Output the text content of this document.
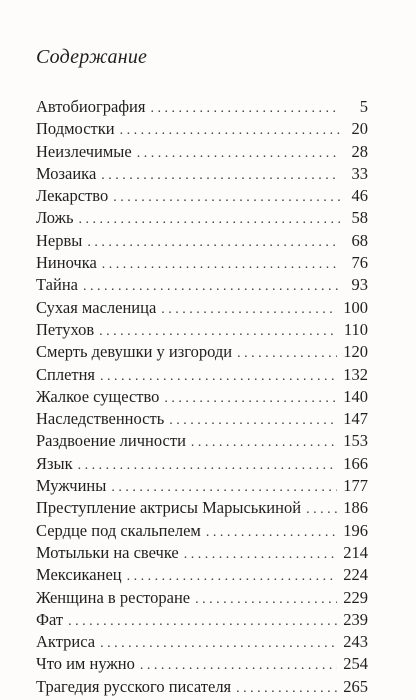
Содержание
Автобиография . . .	5
Подмостки . . .	20
Неизлечимые . . .	28
Мозаика . . .	33
Лекарство . . .	46
Ложь . . .	58
Нервы . . .	68
Ниночка . . .	76
Тайна . . .	93
Сухая масленица . . .	100
Петухов . . .	110
Смерть девушки у изгороди . . .	120
Сплетня . . .	132
Жалкое существо . . .	140
Наследственность . . .	147
Раздвоение личности . . .	153
Язык . . .	166
Мужчины . . .	177
Преступление актрисы Марыськиной . . .	186
Сердце под скальпелем . . .	196
Мотыльки на свечке . . .	214
Мексиканец . . .	224
Женщина в ресторане . . .	229
Фат . . .	239
Актриса . . .	243
Что им нужно . . .	254
Трагедия русского писателя . . .	265
